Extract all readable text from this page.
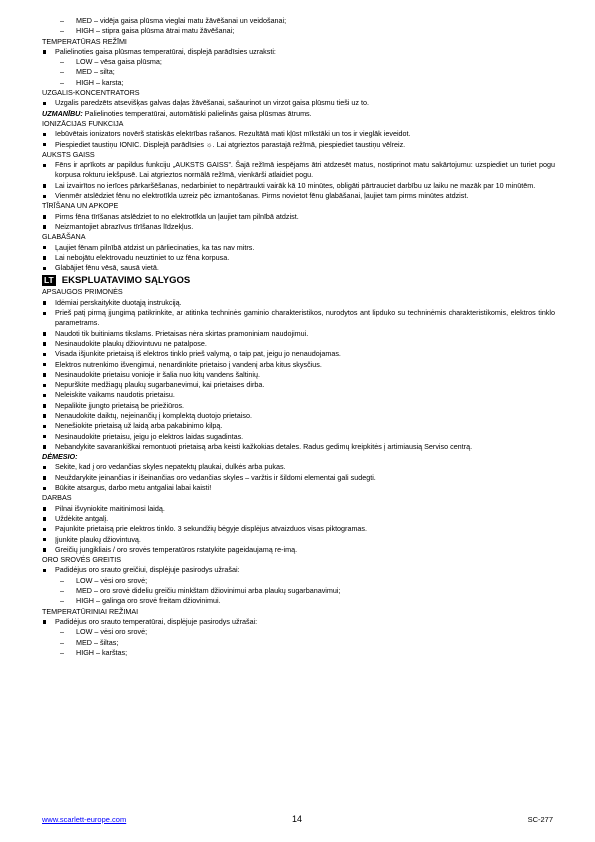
– MED – vidēja gaisa plūsma vieglai matu žāvēšanai un veidošanai;
– HIGH – stipra gaisa plūsma ātrai matu žāvēšanai;
TEMPERATŪRAS REŽĪMI
Palielinoties gaisa plūsmas temperatūrai, displejā parādīsies uzraksti:
– LOW – vēsa gaisa plūsma;
– MED – silta;
– HIGH – karsta;
UZGALIS-KONCENTRATORS
Uzgalis paredzēts atsevišķas galvas daļas žāvēšanai, sašaurinot un virzot gaisa plūsmu tieši uz to.
UZMANĪBU: Palielinoties temperatūrai, automātiski palielinās gaisa plūsmas ātrums.
IONIZĀCIJAS FUNKCIJA
Iebūvētais ionizators novērš statiskās elektrības rašanos. Rezultātā mati kļūst mīkstāki un tos ir vieglāk ieveidot.
Piespiediet taustiņu IONIC. Displejā parādīsies ☼. Lai atgrieztos parastajā režīmā, piespiediet taustiņu vēlreiz.
AUKSTS GAISS
Fēns ir aprīkots ar papildus funkciju „AUKSTS GAISS”. Šajā režīmā iespējams ātri atdzesēt matus, nostiprinot matu sakārtojumu: uzspiediet un turiet pogu korpusa rokturu iekšpusē. Lai atgrieztos normālā režīmā, vienkārši atlaidiet pogu.
Lai izvairītos no ierīces pārkaršēšanas, nedarbiniet to nepārtraukti vairāk kā 10 minūtes, obligāti pārtrauciet darbību uz laiku ne mazāk par 10 minūtēm.
Vienmēr atslēdziet fēnu no elektrotīkla uzreiz pēc izmantošanas. Pirms novietot fēnu glabāšanai, ļaujiet tam pirms minūtes atdzist.
TĪRĪŠANA UN APKOPE
Pirms fēna tīrīšanas atslēdziet to no elektrotīkla un ļaujiet tam pilnībā atdzist.
Neizmantojiet abrazīvus tīrīšanas līdzekļus.
GLABĀŠANA
Ļaujiet fēnam pilnībā atdzist un pārliecinaties, ka tas nav mitrs.
Lai nebojātu elektrovadu neuztiniet to uz fēna korpusa.
Glabājiet fēnu vēsā, sausā vietā.
LT EKSPLUATAVIMO SĄLYGOS
APSAUGOS PRIMONĖS
Idėmiai perskaitykite duotąją instrukciją.
Prieš patį pirmą įjungimą patikrinkite, ar atitinka techninės gaminio charakteristikos, nurodytos ant lipduko su techninėmis charakteristikomis, elektros tinklo parametrams.
Naudoti tik buitiniams tikslams. Prietaisas nėra skirtas pramoniniam naudojimui.
Nesinaudokite plaukų džiovintuvu ne patalpose.
Visada išjunkite prietaisą iš elektros tinklo prieš valymą, o taip pat, jeigu jo nenaudojamas.
Elektros nutrenkimo išvengimui, nenardinkite prietaiso į vandenį arba kitus skysčius.
Nesinaudokite prietaisu vonioje ir šalia nuo kitų vandens šaltinių.
Nepurškite medžiagų plaukų sugarbanevimui, kai prietaises dirba.
Neleiskite vaikams naudotis prietaisu.
Nepalikite įjungto prietaisą be priežiūros.
Nenaudokite daiktų, neįeinančių į komplektą duotojo prietaiso.
Nenešiokite prietaisą už laidą arba pakabinimo kilpą.
Nesinaudokite prietaisu, jeigu jo elektros laidas sugadintas.
Nebandykite savarankiškai remontuoti prietaisą arba keisti kažkokias detales. Radus gedimų kreipkitės į artimiausią Serviso centrą.
DĖMESIO:
Sekite, kad į oro vedančias skyles nepatektų plaukai, dulkės arba pukas.
Neuždarykite įeinančias ir išeinančias oro vedančias skyles – varžtis ir šildomi elementai gali sudegti.
Būkite atsargus, darbo metu antgaliai labai kaisti!
DARBAS
Pilnai išvyniokite maitinimosi laidą.
Uždėkite antgalį.
Pajunkite prietaisą prie elektros tinklo. 3 sekundžių bėgyje displėjus atvaizduos visas piktogramas.
Įjunkite plaukų džiovintuvą.
Greičių jungikliais / oro srovės temperatūros rstatykite pageidaujamą re-imą.
ORO SROVĖS GREITIS
Padidėjus oro srauto greičiui, displėjuje pasirodys užrašai:
– LOW – vėsi oro srovė;
– MED – oro srovė dideliu greičiu minkštam džiovinimui arba plaukų sugarbanavimui;
– HIGH – galinga oro srovė freitam džiovinimui.
TEMPERATŪRINIAI REŽIMAI
Padidėjus oro srauto temperatūrai, displėjuje pasirodys užrašai:
– LOW – vėsi oro srovė;
– MED – šiltas;
– HIGH – karštas;
www.scarlett-europe.com	14	SC-277
